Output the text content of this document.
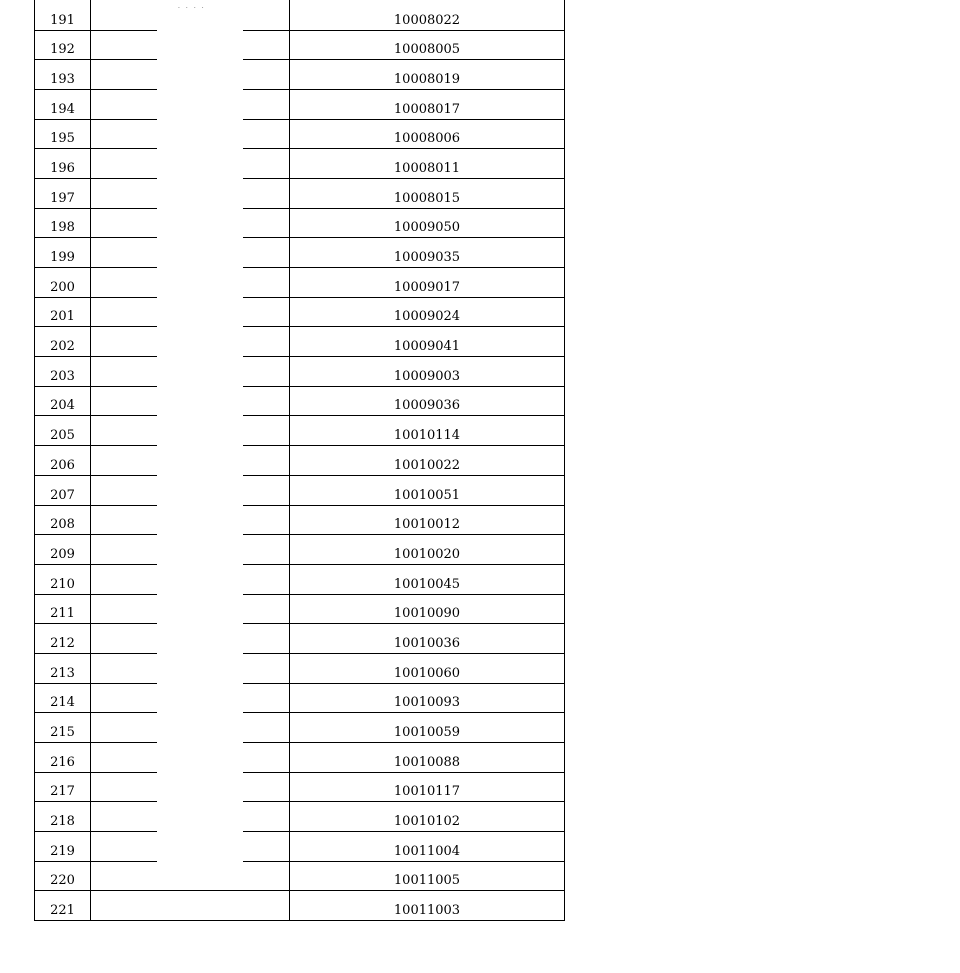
191		10008022
192		10008005
193		10008019
194		10008017
195		10008006
196		10008011
197		10008015
198		10009050
199		10009035
200		10009017
201		10009024
202		10009041
203		10009003
204		10009036
205		10010114
206		10010022
207		10010051
208		10010012
209		10010020
210		10010045
211		10010090
212		10010036
213		10010060
214		10010093
215		10010059
216		10010088
217		10010117
218		10010102
219		10011004
220		10011005
221		10011003
····
